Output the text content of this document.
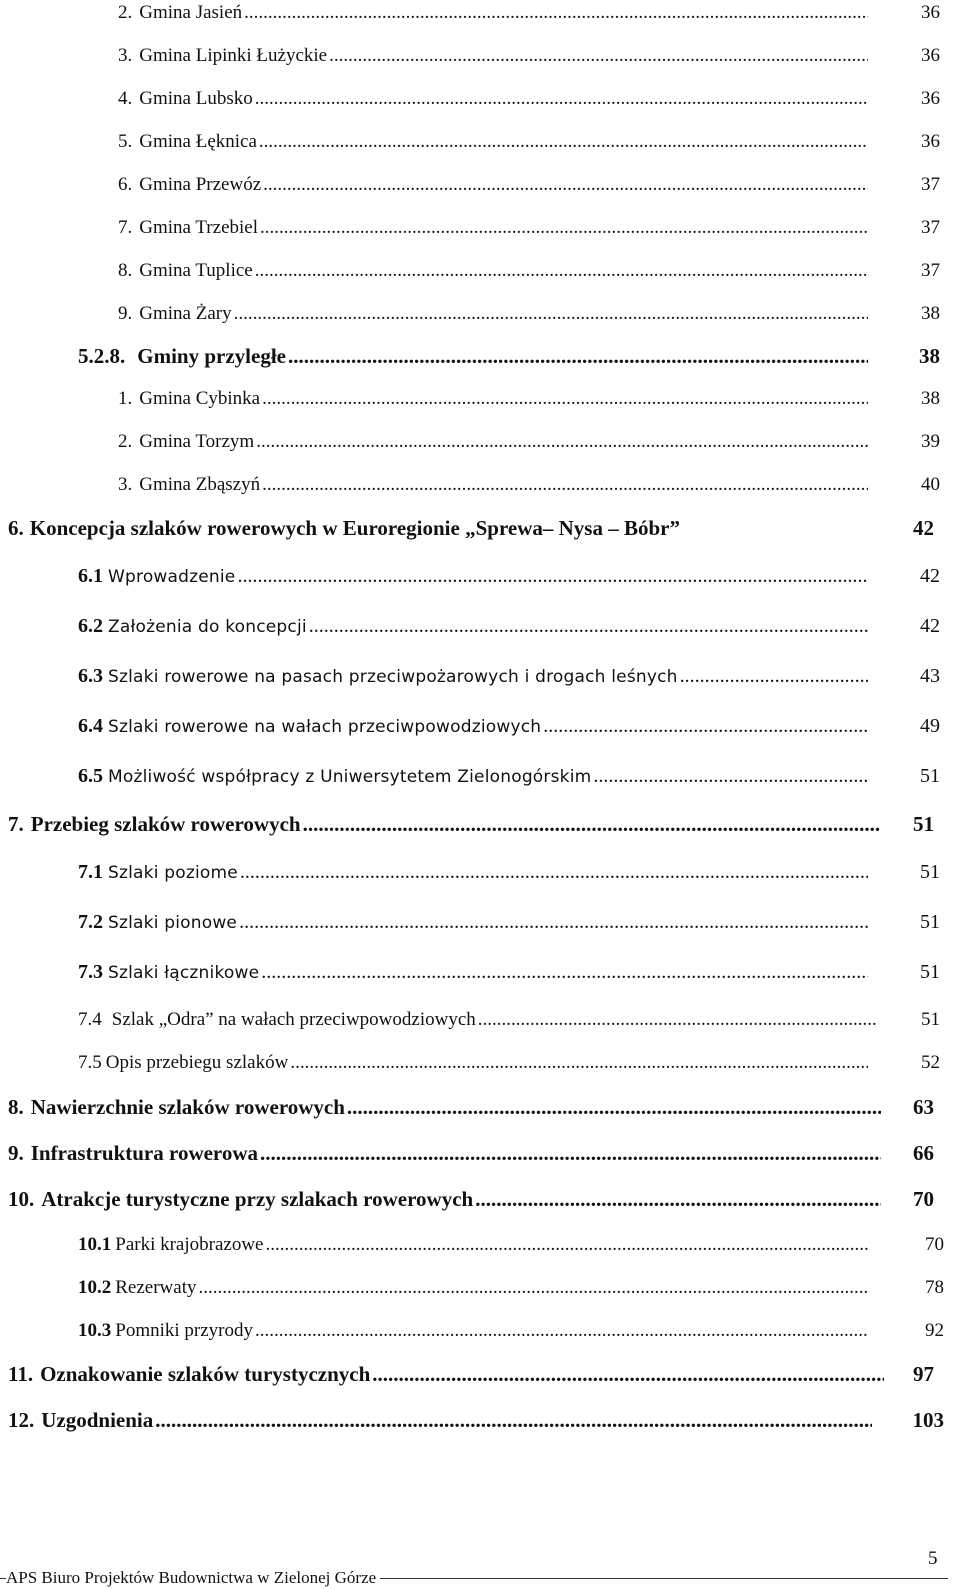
2. Gmina Jasień .....	36
3. Gmina Lipinki Łużyckie .....	36
4. Gmina Lubsko .....	36
5. Gmina Łęknica .....	36
6. Gmina Przewóz .....	37
7. Gmina Trzebiel .....	37
8. Gmina Tuplice .....	37
9. Gmina Żary .....	38
5.2.8. Gminy przyległe .....	38
1. Gmina Cybinka .....	38
2. Gmina Torzym .....	39
3. Gmina Zbąszyń .....	40
6. Koncepcja szlaków rowerowych w Euroregionie „Sprewa– Nysa – Bóbr”	42
6.1 Wprowadzenie .....	42
6.2 Założenia do koncepcji .....	42
6.3 Szlaki rowerowe na pasach przeciwpożarowych i drogach leśnych .....	43
6.4 Szlaki rowerowe na wałach przeciwpowodziowych .....	49
6.5 Możliwość współpracy z Uniwersytetem Zielonogórskim .....	51
7. Przebieg szlaków rowerowych .....	51
7.1 Szlaki poziome .....	51
7.2 Szlaki pionowe .....	51
7.3 Szlaki łącznikowe .....	51
7.4 Szlak „Odra” na wałach przeciwpowodziowych .....	51
7.5 Opis przebiegu szlaków .....	52
8. Nawierzchnie szlaków rowerowych .....	63
9. Infrastruktura rowerowa .....	66
10. Atrakcje turystyczne przy szlakach rowerowych .....	70
10.1 Parki krajobrazowe .....	70
10.2 Rezerwaty .....	78
10.3 Pomniki przyrody .....	92
11. Oznakowanie szlaków turystycznych .....	97
12. Uzgodnienia .....	103
5
APS Biuro Projektów Budownictwa w Zielonej Górze
